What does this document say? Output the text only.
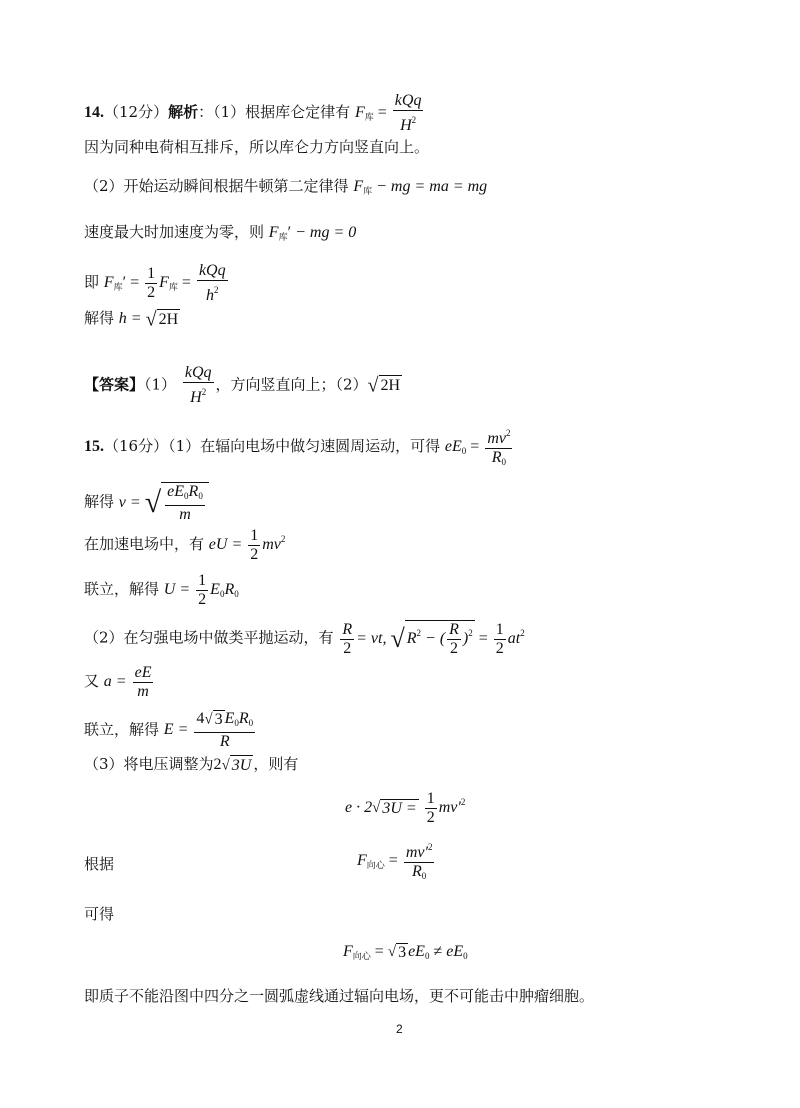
14.（12分）解析：（1）根据库仑定律有 $F_库 = \frac{\text{kQq}}{H^2}$
因为同种电荷相互排斥，所以库仑力方向竖直向上。
（2）开始运动瞬间根据牛顿第二定律得 $F_库$ − mg = ma = mg
速度最大时加速度为零，则 $F_库'$ − mg = 0
即 $F_库' = \frac{1}{2} F_库 = \frac{\text{kQq}}{h^2}$
解得 h = √ 2H
【答案】$(1) \frac{\text{kQq}}{H^2}$ ，方向竖直向上；（2）√ 2H
15.（16分）（1）在辐向电场中做匀速圆周运动，可得 $eE_0 = \frac{mv^2}{R_0}$
解得 v = √ $\frac{eE_0R_0}{m}$
在加速电场中，有 eU = $\frac{1}{2} mv^2$
联立，解得 $U = \frac{1}{2} E_0R_0$
（2）在匀强电场中做类平抛运动，有 $\frac{R}{2}$ = vt, √ $R^2$ − ( $\frac{R}{2} )^2 = \frac{1}{2} at^2$
又 $a = \frac{eE}{m}$
联立，解得 $E = \frac{4√ 3 E_0R_0}{R}$
（3）将电压调整为2√ 3U ，则有
e · 2√ $3U = \frac{1}{2} mv'^2$
根据	$F_{向心} = \frac{mv'^2}{R_0}$
可得
$F_{向心}$ = √ 3 $eE_0 \ne eE_0$
即质子不能沿图中四分之一圆弧虚线通过辐向电场，更不可能击中肿瘤细胞。
2
